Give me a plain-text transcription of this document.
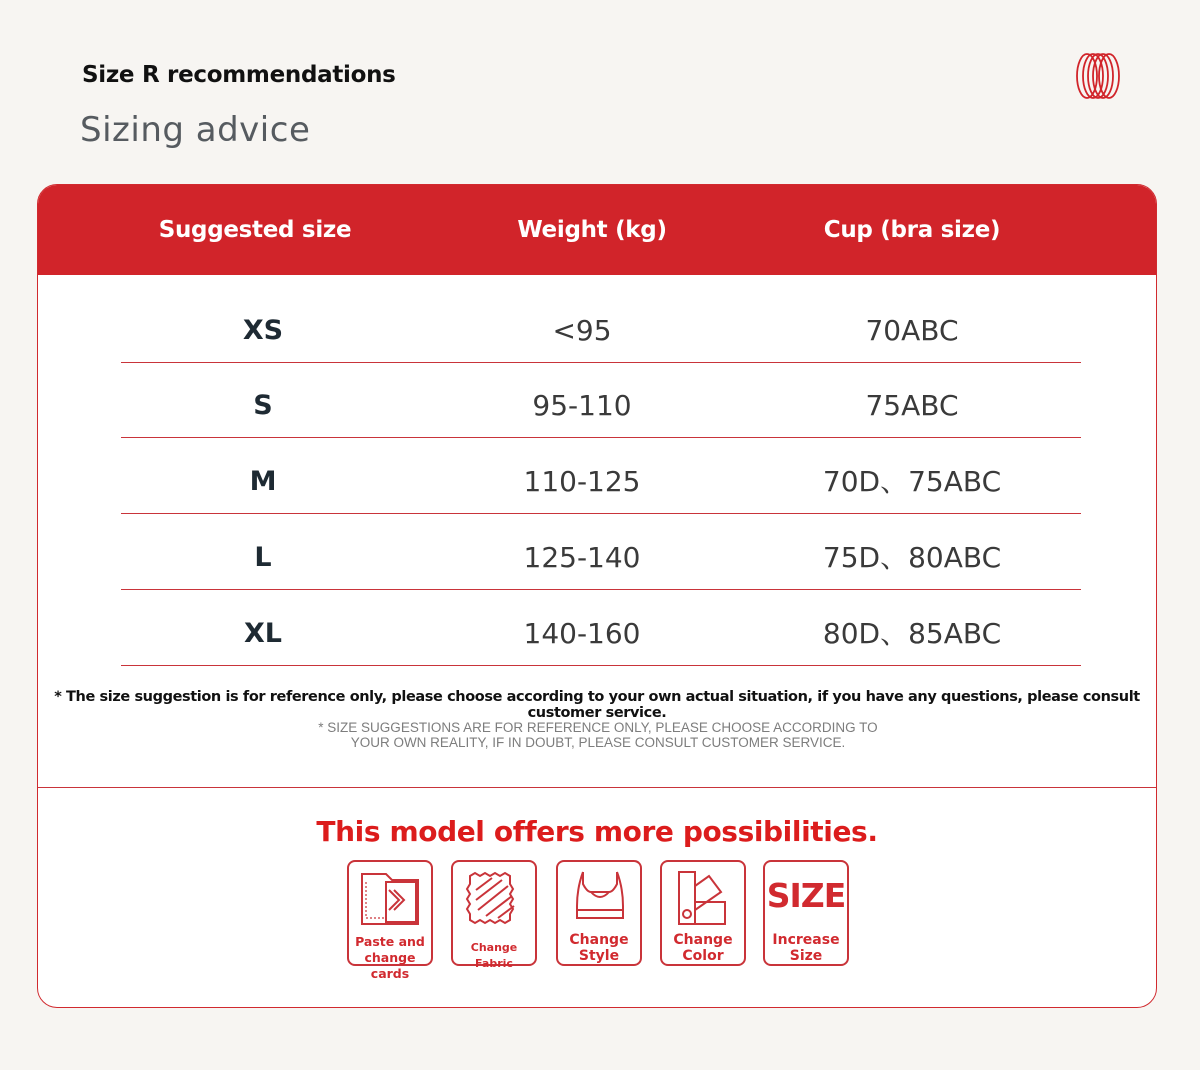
Size R recommendations
Sizing advice
Suggested size	Weight (kg)	Cup (bra size)
XS	<95	70ABC
S	95-110	75ABC
M	110-125	70D、75ABC
L	125-140	75D、80ABC
XL	140-160	80D、85ABC
* The size suggestion is for reference only, please choose according to your own actual situation, if you have any questions, please consult customer service.
* SIZE SUGGESTIONS ARE FOR REFERENCE ONLY, PLEASE CHOOSE ACCORDING TO
YOUR OWN REALITY, IF IN DOUBT, PLEASE CONSULT CUSTOMER SERVICE.
This model offers more possibilities.
Paste and
change cards
Change Fabric
Change
Style
Change
Color
SIZE
Increase
Size
